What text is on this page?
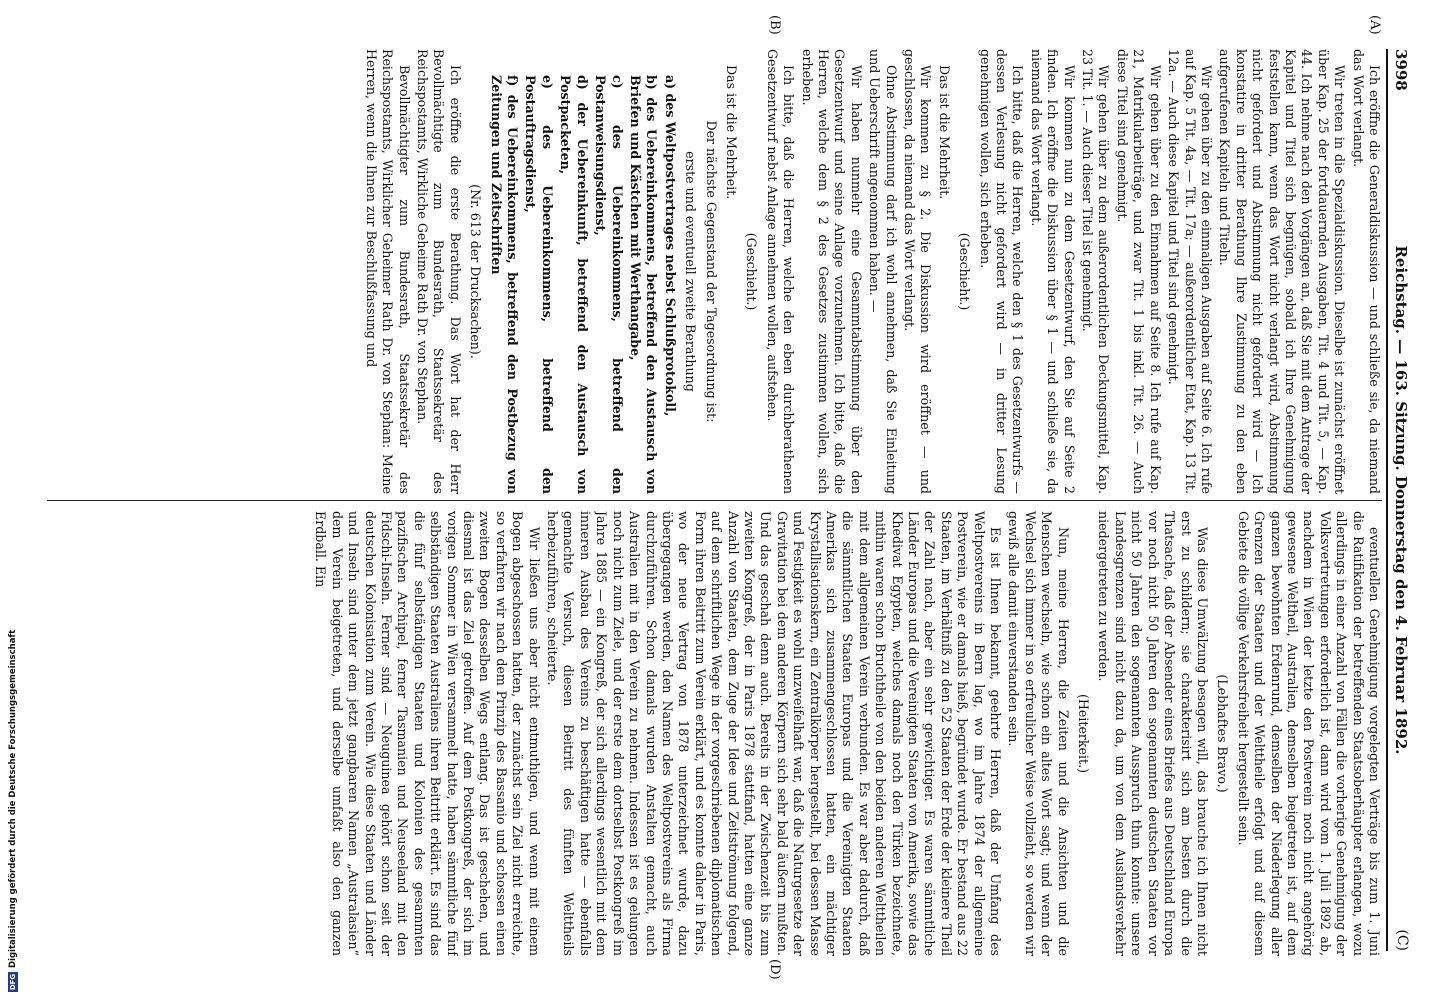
3998
Reichstag. — 163. Sitzung. Donnerstag den 4. Februar 1892.
(C)
(A)
(B)
(D)

Ich eröffne die Generaldiskussion — und schließe sie, da niemand das Wort verlangt.

Wir treten in die Spezialdiskussion. Dieselbe ist zunächst eröffnet über Kap. 25 der fortdauernden Ausgaben, Tit. 4 und Tit. 5, — Kap. 44. Ich nehme nach den Vorgängen an, daß Sie mit dem Antrage der Kapitel und Titel sich begnügen, sobald ich Ihre Genehmigung feststellen kann, wenn das Wort nicht verlangt wird, Abstimmung nicht gefordert und Abstimmung nicht gefordert wird — Ich konstatire in dritter Berathung Ihre Zustimmung zu den eben aufgerufenen Kapiteln und Titeln.

Wir gehen über zu den einmaligen Ausgaben auf Seite 6. Ich rufe auf Kap. 5 Tit. 4a, — Tit. 17a; — außerordentlicher Etat, Kap. 13 Tit. 12a. — Auch diese Kapitel und Titel sind genehmigt.

Wir gehen über zu den Einnahmen auf Seite 8. Ich rufe auf Kap. 21, Matrikularbeiträge, und zwar Tit. 1 bis inkl. Tit. 26. — Auch diese Titel sind genehmigt.

Wir gehen über zu dem außerordentlichen Deckungsmittel, Kap. 23 Tit. 1. — Auch dieser Titel ist genehmigt.

Wir kommen nun zu dem Gesetzentwurf, den Sie auf Seite 2 finden. Ich eröffne die Diskussion über § 1 — und schließe sie, da niemand das Wort verlangt.

Ich bitte, daß die Herren, welche den § 1 des Gesetzentwurfs — dessen Verlesung nicht gefordert wird — in dritter Lesung genehmigen wollen, sich erheben.

(Geschieht.)

Das ist die Mehrheit.

Wir kommen zu § 2. Die Diskussion wird eröffnet — und geschlossen, da niemand das Wort verlangt.

Ohne Abstimmung darf ich wohl annehmen, daß Sie Einleitung und Ueberschrift angenommen haben. —

Wir haben nunmehr eine Gesammtabstimmung über den Gesetzentwurf und seine Anlage vorzunehmen. Ich bitte, daß die Herren, welche dem § 2 des Gesetzes zustimmen wollen, sich erheben.

Ich bitte, daß die Herren, welche den eben durchberathenen Gesetzentwurf nebst Anlage annehmen wollen, aufstehen.

(Geschieht.)

Das ist die Mehrheit.

Der nächste Gegenstand der Tagesordnung ist:

erste und eventuell zweite Berathung

a) des Weltpostvertrages nebst Schlußprotokoll,

b) des Uebereinkommens, betreffend den Austausch von Briefen und Kästchen mit Werthangabe,

c) des Uebereinkommens, betreffend den Postanweisungsdienst,

d) der Uebereinkunft, betreffend den Austausch von Postpacketen,

e) des Uebereinkommens, betreffend den Postauftragsdienst,

f) des Uebereinkommens, betreffend den Postbezug von Zeitungen und Zeitschriften

(Nr. 613 der Drucksachen).

Ich eröffne die erste Berathung. Das Wort hat der Herr Bevollmächtigte zum Bundesrath, Staatssekretär des Reichspostamts, Wirkliche Geheime Rath Dr. von Stephan.

Bevollmächtigter zum Bundesrath, Staatssekretär des Reichspostamts, Wirklicher Geheimer Rath Dr. von Stephan: Meine Herren, wenn die Ihnen zur Beschlußfassung und

eventuellen Genehmigung vorgelegten Verträge bis zum 1. Juni die Ratifikation der betreffenden Staatsoberhäupter erlangen, wozu allerdings in einer Anzahl von Fällen die vorherige Genehmigung der Volksvertretungen erforderlich ist, dann wird vom 1. Juli 1892 ab, nachdem in Wien der letzte den Postverein noch nicht angehörig gewesene Weltheil, Australien, demselben beigetreten ist, auf dem ganzen bewohnten Erdenrund, demselben der Niederlegung aller Grenzen der Staaten und der Welttheile erfolgt und auf diesem Gebiete die völlige Verkehrsfreiheit hergestellt sein.

(Lebhaftes Bravo.)

Was diese Umwälzung besagen will, das brauche ich Ihnen nicht erst zu schildern; sie charakterisirt sich am besten durch die Thatsache, daß der Absender eines Briefes aus Deutschland Europa vor noch nicht 50 Jahren den sogenannten deutschen Staaten vor nicht 50 Jahren den sogenannten Ausspruch thun konnte: unsere Landesgrenzen sind nicht dazu da, um von dem Auslandsverkehr niedergetreten zu werden.

(Heiterkeit.)

Nun, meine Herren, die Zeiten und die Ansichten und die Menschen wechseln, wie schon ein altes Wort sagt; und wenn der Wechsel sich immer in so erfreulicher Weise vollzieht, so werden wir gewiß alle damit einverstanden sein.

Es ist Ihnen bekannt, geehrte Herren, daß der Umfang des Weltpostvereins in Bern lag, wo im Jahre 1874 der allgemeine Postverein, wie er damals hieß, begründet wurde. Er bestand aus 22 Staaten, im Verhältniß zu den 52 Staaten der Erde der kleinere Theil der Zahl nach, aber ein sehr gewichtiger. Es waren sämmtliche Länder Europas und die Vereinigten Staaten von Amerika, sowie das Khedivat Egypten, welches damals noch den Türken bezeichnete, mithin waren schon Bruchtheile von den beiden anderen Welttheilen mit dem allgemeinen Verein verbunden. Es war aber dadurch, daß die sämmtlichen Staaten Europas und die Vereinigten Staaten Amerikas sich zusammengeschlossen hatten, ein mächtiger Krystallisationskern, ein Zentralkörper hergestellt, bei dessen Masse und Festigkeit es wohl unzweifelhaft war, daß die Naturgesetze der Gravitation bei dem anderen Körpern sich sehr bald äußern mußten. Und das geschah denn auch. Bereits in der Zwischenzeit bis zum zweiten Kongreß, der in Paris 1878 stattfand, hatten eine ganze Anzahl von Staaten, dem Zuge der Idee und Zeitströmung folgend, auf dem schriftlichen Wege in der vorgeschriebenen diplomatischen Form ihren Beitritt zum Verein erklärt, und es konnte daher in Paris, wo der neue Vertrag von 1878 unterzeichnet wurde, dazu übergegangen werden, den Namen des Weltpostvereins als Firma durchzuführen. Schon damals wurden Anstalten gemacht, auch Australien mit in den Verein zu nehmen. Indessen ist es gelungen noch nicht zum Ziele, und der erste dem dortselbst Postkongreß im Jahre 1885 — ein Kongreß, der sich allerdings wesentlich mit dem inneren Ausbau des Vereins zu beschäftigen hatte — ebenfalls gemachte Versuch, diesen Beitritt des fünften Welttheils herbeizuführen, scheiterte.

Wir ließen uns aber nicht entmuthigen, und wenn mit einem Bogen abgeschossen hatten, der zunächst sein Ziel nicht erreichte, so verfahren wir nach dem Prinzip des Bassanio und schossen einen zweiten Bogen desselben Wegs entlang. Das ist geschehen, und diesmal ist das Ziel getroffen. Auf dem Postkongreß, der sich im vorigen Sommer in Wien versammelt hatte, haben sämmtliche fünf selbständigen Staaten Australiens ihren Beitritt erklärt. Es sind das die fünf selbständigen Staaten und Kolonien des gesammten pazifischen Archipel, ferner Tasmanien und Neuseeland mit den Fidschi-Inseln. Ferner sind — Neuguinea gehört schon seit der deutschen Kolonisation zum Verein. Wie diese Staaten und Länder und Inseln sind unter dem jetzt gangbaren Namen „Australasien“ dem Verein beigetreten, und derselbe umfaßt also den ganzen Erdball. Ein

DFG
Digitalisierung gefördert durch die Deutsche Forschungsgemeinschaft
